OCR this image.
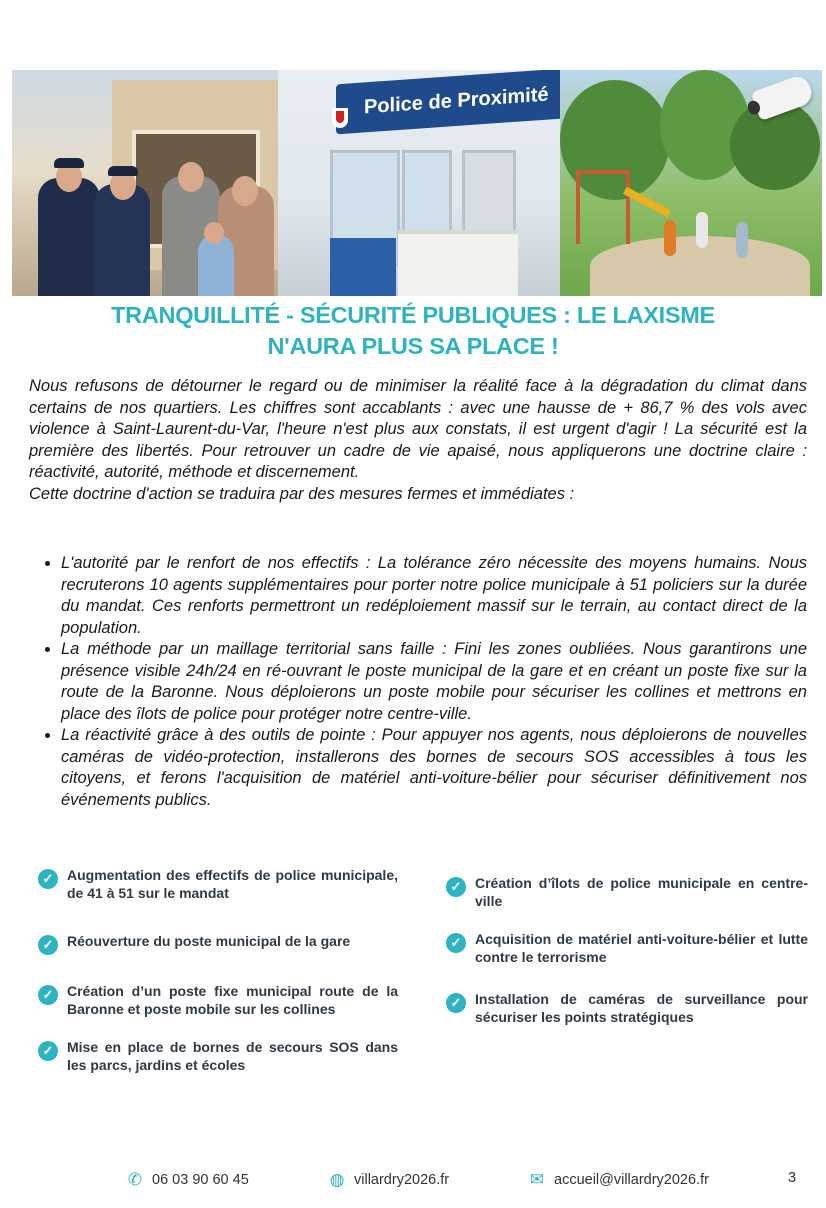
Police de Proximité
TRANQUILLITÉ - SÉCURITÉ PUBLIQUES : LE LAXISME
N'AURA PLUS SA PLACE !

Nous refusons de détourner le regard ou de minimiser la réalité face à la dégradation du climat dans certains de nos quartiers. Les chiffres sont accablants : avec une hausse de + 86,7 % des vols avec violence à Saint-Laurent-du-Var, l'heure n'est plus aux constats, il est urgent d'agir ! La sécurité est la première des libertés. Pour retrouver un cadre de vie apaisé, nous appliquerons une doctrine claire : réactivité, autorité, méthode et discernement.

Cette doctrine d'action se traduira par des mesures fermes et immédiates :

• L'autorité par le renfort de nos effectifs : La tolérance zéro nécessite des moyens humains. Nous recruterons 10 agents supplémentaires pour porter notre police municipale à 51 policiers sur la durée du mandat. Ces renforts permettront un redéploiement massif sur le terrain, au contact direct de la population.
• La méthode par un maillage territorial sans faille : Fini les zones oubliées. Nous garantirons une présence visible 24h/24 en ré-ouvrant le poste municipal de la gare et en créant un poste fixe sur la route de la Baronne. Nous déploierons un poste mobile pour sécuriser les collines et mettrons en place des îlots de police pour protéger notre centre-ville.
• La réactivité grâce à des outils de pointe : Pour appuyer nos agents, nous déploierons de nouvelles caméras de vidéo-protection, installerons des bornes de secours SOS accessibles à tous les citoyens, et ferons l'acquisition de matériel anti-voiture-bélier pour sécuriser définitivement nos événements publics.
✓ Augmentation des effectifs de police municipale, de 41 à 51 sur le mandat
✓ Réouverture du poste municipal de la gare
✓ Création d’un poste fixe municipal route de la Baronne et poste mobile sur les collines
✓ Mise en place de bornes de secours SOS dans les parcs, jardins et écoles
✓ Création d’îlots de police municipale en centre-ville
✓ Acquisition de matériel anti-voiture-bélier et lutte contre le terrorisme
✓ Installation de caméras de surveillance pour sécuriser les points stratégiques
✆ 06 03 90 60 45	◍ villardry2026.fr	✉ accueil@villardry2026.fr	3
